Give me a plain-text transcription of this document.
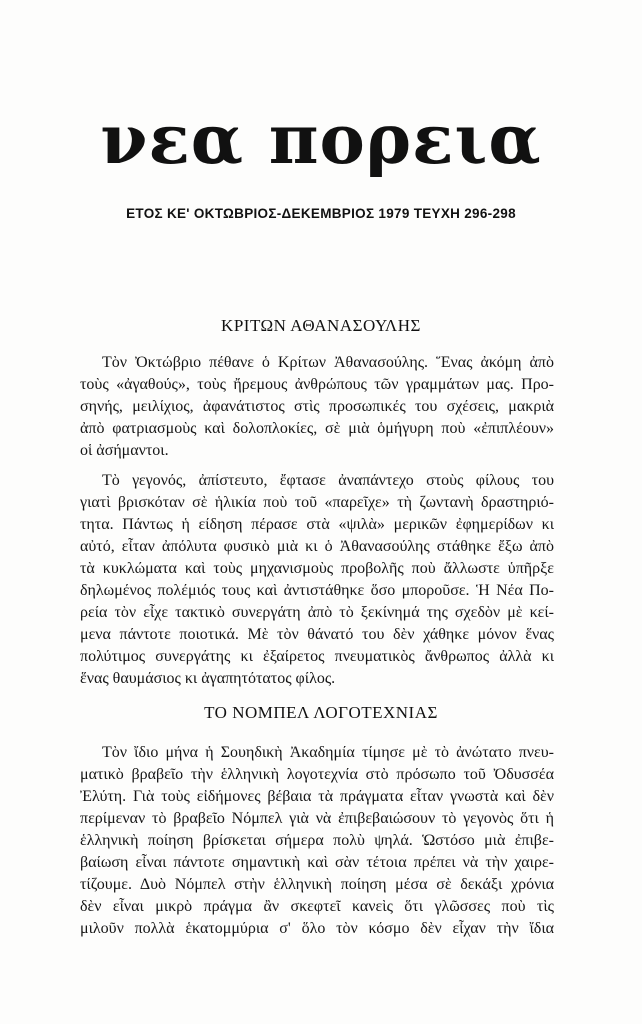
νεα πορεια
ΕΤΟΣ ΚΕ' ΟΚΤΩΒΡΙΟΣ-ΔΕΚΕΜΒΡΙΟΣ 1979 ΤΕΥΧΗ 296-298
ΚΡΙΤΩΝ ΑΘΑΝΑΣΟΥΛΗΣ
Τὸν Ὀκτώβριο πέθανε ὁ Κρίτων Ἀθανασούλης. Ἕνας ἀκόμη ἀπὸ
τοὺς «ἀγαθούς», τοὺς ἤρεμους ἀνθρώπους τῶν γραμμάτων μας. Προ-
σηνής, μειλίχιος, ἀφανάτιστος στὶς προσωπικές του σχέσεις, μακριὰ
ἀπὸ φατριασμοὺς καὶ δολοπλοκίες, σὲ μιὰ ὁμήγυρη ποὺ «ἐπιπλέουν»
οἱ ἀσήμαντοι.
Τὸ γεγονός, ἀπίστευτο, ἔφτασε ἀναπάντεχο στοὺς φίλους του
γιατὶ βρισκόταν σὲ ἡλικία ποὺ τοῦ «παρεῖχε» τὴ ζωντανὴ δραστηριό-
τητα. Πάντως ἡ είδηση πέρασε στὰ «ψιλὰ» μερικῶν ἐφημερίδων κι
αὐτό, εἶταν ἀπόλυτα φυσικὸ μιὰ κι ὁ Ἀθανασούλης στάθηκε ἔξω ἀπὸ
τὰ κυκλώματα καὶ τοὺς μηχανισμοὺς προβολῆς ποὺ ἄλλωστε ὑπῆρξε
δηλωμένος πολέμιός τους καὶ ἀντιστάθηκε ὅσο μποροῦσε. Ἡ Νέα Πο-
ρεία τὸν εἶχε τακτικὸ συνεργάτη ἀπὸ τὸ ξεκίνημά της σχεδὸν μὲ κεί-
μενα πάντοτε ποιοτικά. Μὲ τὸν θάνατό του δὲν χάθηκε μόνον ἕνας
πολύτιμος συνεργάτης κι ἐξαίρετος πνευματικὸς ἄνθρωπος ἀλλὰ κι
ἕνας θαυμάσιος κι ἀγαπητότατος φίλος.
ΤΟ ΝΟΜΠΕΛ ΛΟΓΟΤΕΧΝΙΑΣ
Τὸν ἴδιο μήνα ἡ Σουηδικὴ Ἀκαδημία τίμησε μὲ τὸ ἀνώτατο πνευ-
ματικὸ βραβεῖο τὴν ἑλληνικὴ λογοτεχνία στὸ πρόσωπο τοῦ Ὀδυσσέα
Ἐλύτη. Γιὰ τοὺς εἰδήμονες βέβαια τὰ πράγματα εἶταν γνωστὰ καὶ δὲν
περίμεναν τὸ βραβεῖο Νόμπελ γιὰ νὰ ἐπιβεβαιώσουν τὸ γεγονὸς ὅτι ἡ
ἑλληνικὴ ποίηση βρίσκεται σήμερα πολὺ ψηλά. Ὡστόσο μιὰ ἐπιβε-
βαίωση εἶναι πάντοτε σημαντικὴ καὶ σὰν τέτοια πρέπει νὰ τὴν χαιρε-
τίζουμε. Δυὸ Νόμπελ στὴν ἑλληνικὴ ποίηση μέσα σὲ δεκάξι χρόνια
δὲν εἶναι μικρὸ πράγμα ἂν σκεφτεῖ κανεὶς ὅτι γλῶσσες ποὺ τὶς
μιλοῦν πολλὰ ἑκατομμύρια σ' ὅλο τὸν κόσμο δὲν εἶχαν τὴν ἴδια
